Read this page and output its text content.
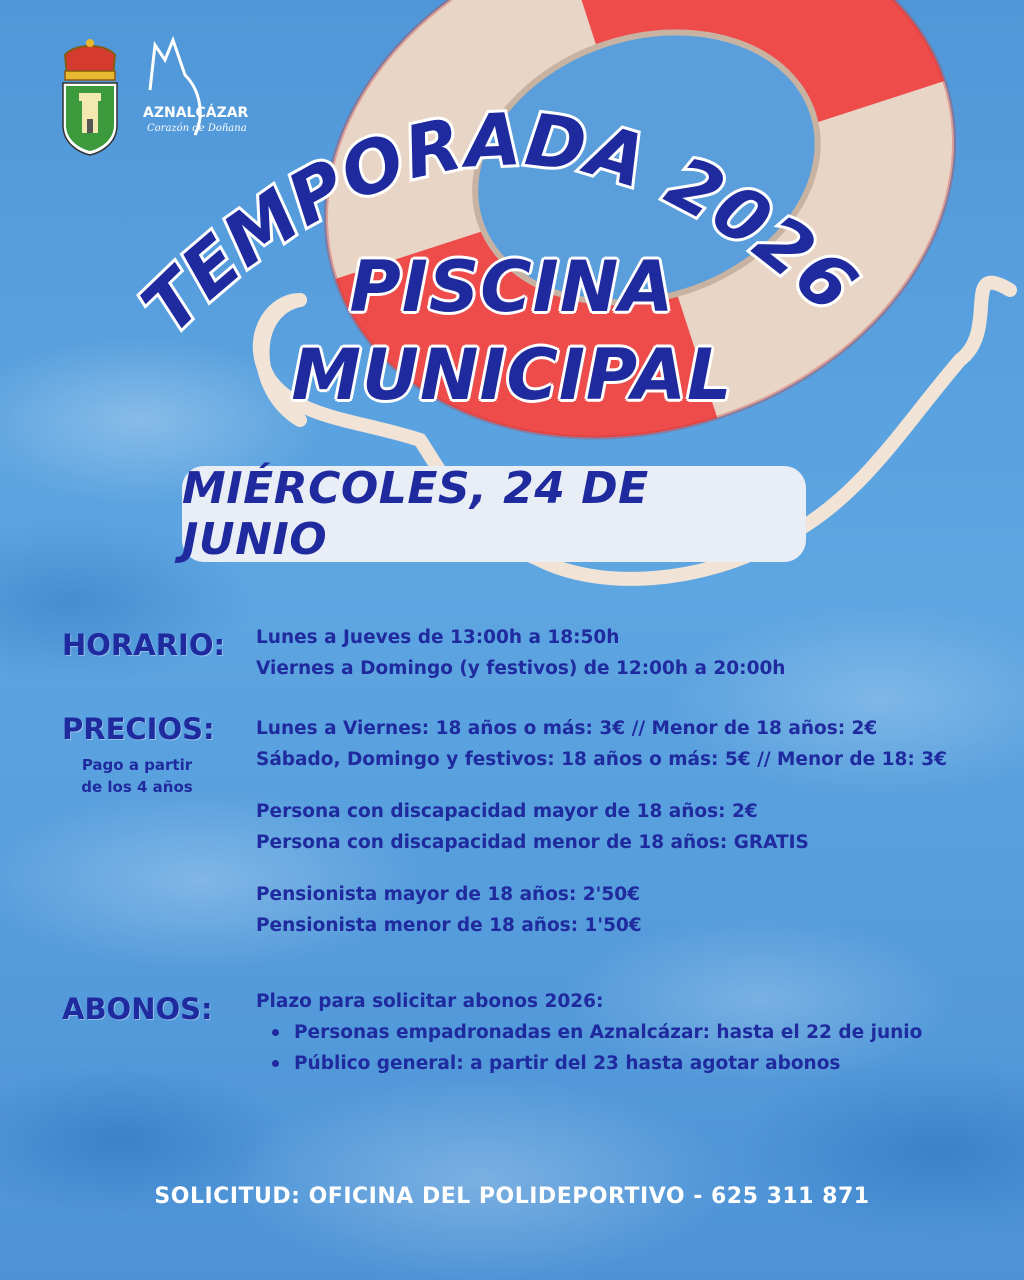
AZNALCÁZAR
Corazón de Doñana
TEMPORADA 2026
PISCINA
MUNICIPAL
MIÉRCOLES, 24 DE JUNIO
HORARIO: Lunes a Jueves de 13:00h a 18:50h
Viernes a Domingo (y festivos) de 12:00h a 20:00h
PRECIOS:
Pago a partir
de los 4 años
Lunes a Viernes: 18 años o más: 3€ // Menor de 18 años: 2€
Sábado, Domingo y festivos: 18 años o más: 5€ // Menor de 18: 3€
Persona con discapacidad mayor de 18 años: 2€
Persona con discapacidad menor de 18 años: GRATIS
Pensionista mayor de 18 años: 2'50€
Pensionista menor de 18 años: 1'50€
ABONOS: Plazo para solicitar abonos 2026:
Personas empadronadas en Aznalcázar: hasta el 22 de junio
Público general: a partir del 23 hasta agotar abonos
SOLICITUD: OFICINA DEL POLIDEPORTIVO - 625 311 871
